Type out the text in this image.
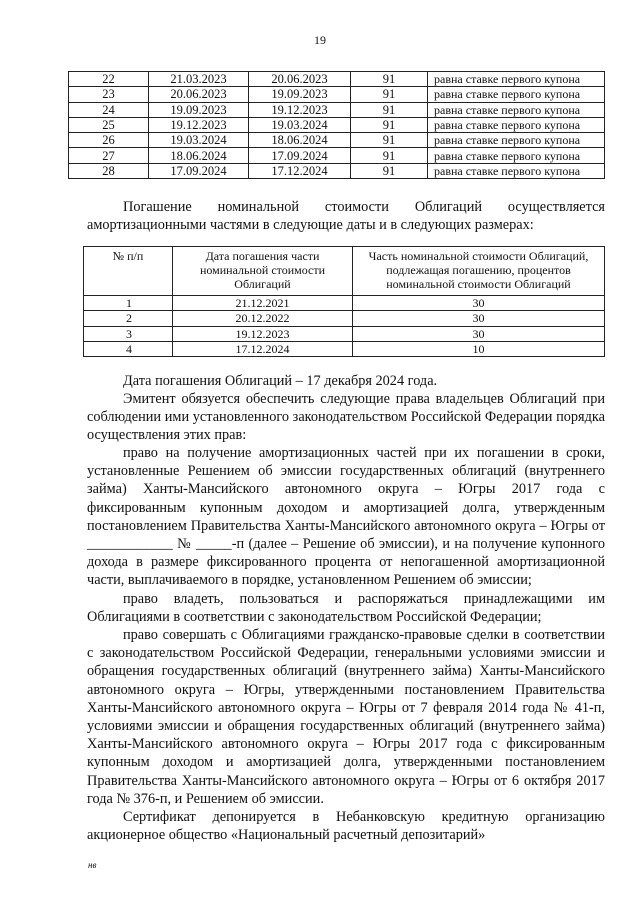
19
22	21.03.2023	20.06.2023	91	равна ставке первого купона
23	20.06.2023	19.09.2023	91	равна ставке первого купона
24	19.09.2023	19.12.2023	91	равна ставке первого купона
25	19.12.2023	19.03.2024	91	равна ставке первого купона
26	19.03.2024	18.06.2024	91	равна ставке первого купона
27	18.06.2024	17.09.2024	91	равна ставке первого купона
28	17.09.2024	17.12.2024	91	равна ставке первого купона

Погашение номинальной стоимости Облигаций осуществляется амортизационными частями в следующие даты и в следующих размерах:

№ п/п	Дата погашения части номинальной стоимости Облигаций	Часть номинальной стоимости Облигаций, подлежащая погашению, процентов номинальной стоимости Облигаций
1	21.12.2021	30
2	20.12.2022	30
3	19.12.2023	30
4	17.12.2024	10

Дата погашения Облигаций – 17 декабря 2024 года.

Эмитент обязуется обеспечить следующие права владельцев Облигаций при соблюдении ими установленного законодательством Российской Федерации порядка осуществления этих прав:

право на получение амортизационных частей при их погашении в сроки, установленные Решением об эмиссии государственных облигаций (внутреннего займа) Ханты-Мансийского автономного округа – Югры 2017 года с фиксированным купонным доходом и амортизацией долга, утвержденным постановлением Правительства Ханты-Мансийского автономного округа – Югры от ____________ № _____-п (далее – Решение об эмиссии), и на получение купонного дохода в размере фиксированного процента от непогашенной амортизационной части, выплачиваемого в порядке, установленном Решением об эмиссии;

право владеть, пользоваться и распоряжаться принадлежащими им Облигациями в соответствии с законодательством Российской Федерации;

право совершать с Облигациями гражданско-правовые сделки в соответствии с законодательством Российской Федерации, генеральными условиями эмиссии и обращения государственных облигаций (внутреннего займа) Ханты-Мансийского автономного округа – Югры, утвержденными постановлением Правительства Ханты-Мансийского автономного округа – Югры от 7 февраля 2014 года № 41-п, условиями эмиссии и обращения государственных облигаций (внутреннего займа) Ханты-Мансийского автономного округа – Югры 2017 года с фиксированным купонным доходом и амортизацией долга, утвержденными постановлением Правительства Ханты-Мансийского автономного округа – Югры от 6 октября 2017 года № 376-п, и Решением об эмиссии.

Сертификат депонируется в Небанковскую кредитную организацию акционерное общество «Национальный расчетный депозитарий»

нв
